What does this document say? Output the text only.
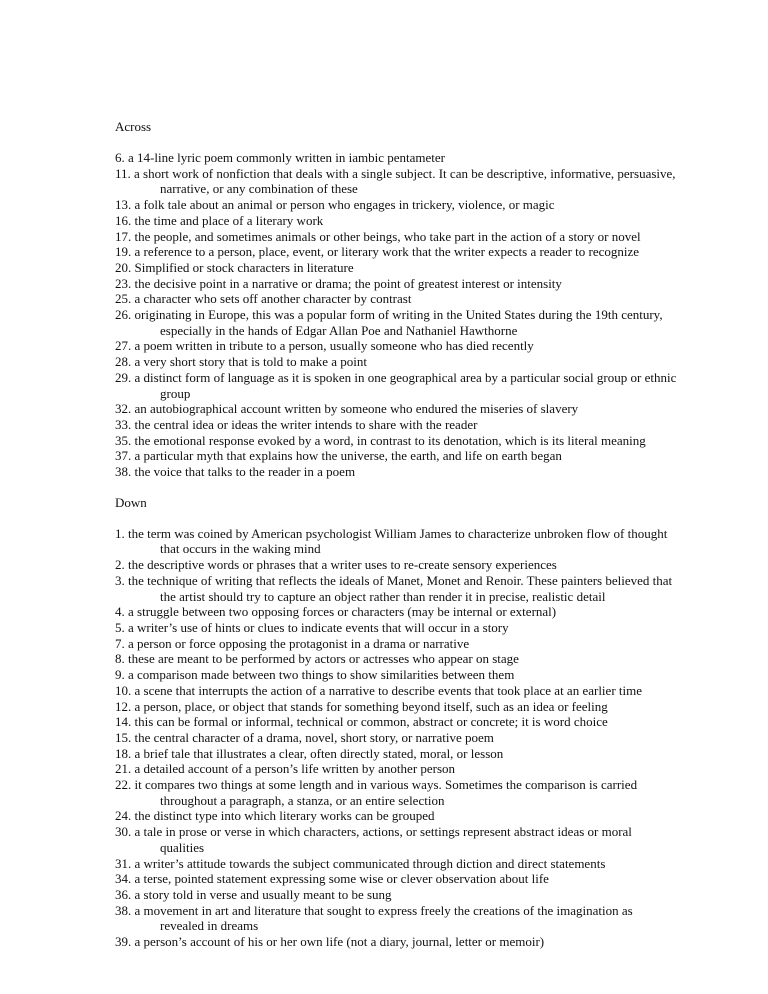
Across
6. a 14-line lyric poem commonly written in iambic pentameter
11. a short work of nonfiction that deals with a single subject. It can be descriptive, informative, persuasive,
narrative, or any combination of these
13. a folk tale about an animal or person who engages in trickery, violence, or magic
16. the time and place of a literary work
17. the people, and sometimes animals or other beings, who take part in the action of a story or novel
19. a reference to a person, place, event, or literary work that the writer expects a reader to recognize
20. Simplified or stock characters in literature
23. the decisive point in a narrative or drama; the point of greatest interest or intensity
25. a character who sets off another character by contrast
26. originating in Europe, this was a popular form of writing in the United States during the 19th century,
especially in the hands of Edgar Allan Poe and Nathaniel Hawthorne
27. a poem written in tribute to a person, usually someone who has died recently
28. a very short story that is told to make a point
29. a distinct form of language as it is spoken in one geographical area by a particular social group or ethnic
group
32. an autobiographical account written by someone who endured the miseries of slavery
33. the central idea or ideas the writer intends to share with the reader
35. the emotional response evoked by a word, in contrast to its denotation, which is its literal meaning
37. a particular myth that explains how the universe, the earth, and life on earth began
38. the voice that talks to the reader in a poem
Down
1. the term was coined by American psychologist William James to characterize unbroken flow of thought
that occurs in the waking mind
2. the descriptive words or phrases that a writer uses to re-create sensory experiences
3. the technique of writing that reflects the ideals of Manet, Monet and Renoir. These painters believed that
the artist should try to capture an object rather than render it in precise, realistic detail
4. a struggle between two opposing forces or characters (may be internal or external)
5. a writer’s use of hints or clues to indicate events that will occur in a story
7. a person or force opposing the protagonist in a drama or narrative
8. these are meant to be performed by actors or actresses who appear on stage
9. a comparison made between two things to show similarities between them
10. a scene that interrupts the action of a narrative to describe events that took place at an earlier time
12. a person, place, or object that stands for something beyond itself, such as an idea or feeling
14. this can be formal or informal, technical or common, abstract or concrete; it is word choice
15. the central character of a drama, novel, short story, or narrative poem
18. a brief tale that illustrates a clear, often directly stated, moral, or lesson
21. a detailed account of a person’s life written by another person
22. it compares two things at some length and in various ways. Sometimes the comparison is carried
throughout a paragraph, a stanza, or an entire selection
24. the distinct type into which literary works can be grouped
30. a tale in prose or verse in which characters, actions, or settings represent abstract ideas or moral
qualities
31. a writer’s attitude towards the subject communicated through diction and direct statements
34. a terse, pointed statement expressing some wise or clever observation about life
36. a story told in verse and usually meant to be sung
38. a movement in art and literature that sought to express freely the creations of the imagination as
revealed in dreams
39. a person’s account of his or her own life (not a diary, journal, letter or memoir)
